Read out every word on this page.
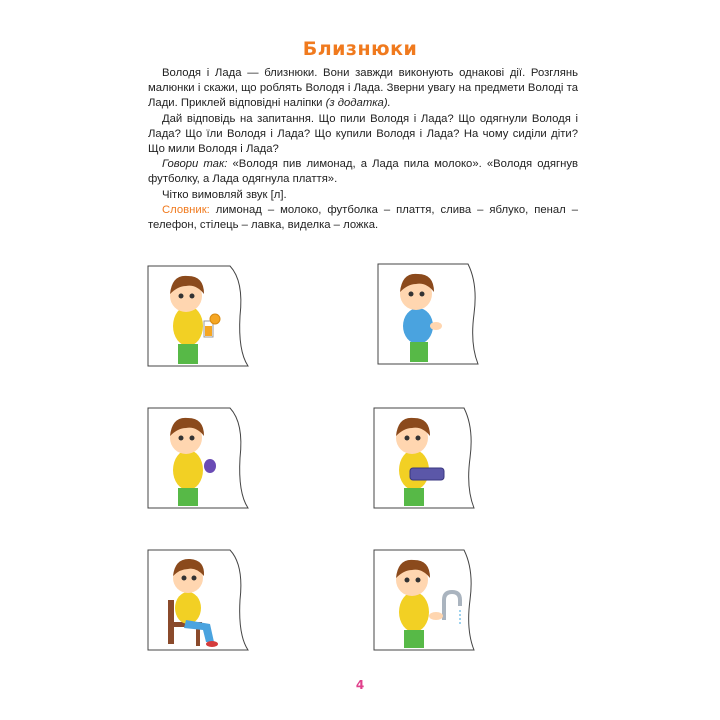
Близнюки

Володя і Лада — близнюки. Вони завжди виконують однакові дії. Розглянь малюнки і скажи, що роблять Володя і Лада. Зверни увагу на предмети Володі та Лади. Приклей відповідні наліпки (з додатка).

Дай відповідь на запитання. Що пили Володя і Лада? Що одягнули Володя і Лада? Що їли Володя і Лада? Що купили Володя і Лада? На чому сиділи діти? Що мили Володя і Лада?

Говори так: «Володя пив лимонад, а Лада пила молоко». «Володя одягнув футболку, а Лада одягнула плаття».

Чітко вимовляй звук [л].

Словник: лимонад – молоко, футболка – плаття, слива – яблуко, пенал – телефон, стілець – лавка, виделка – ложка.

4
